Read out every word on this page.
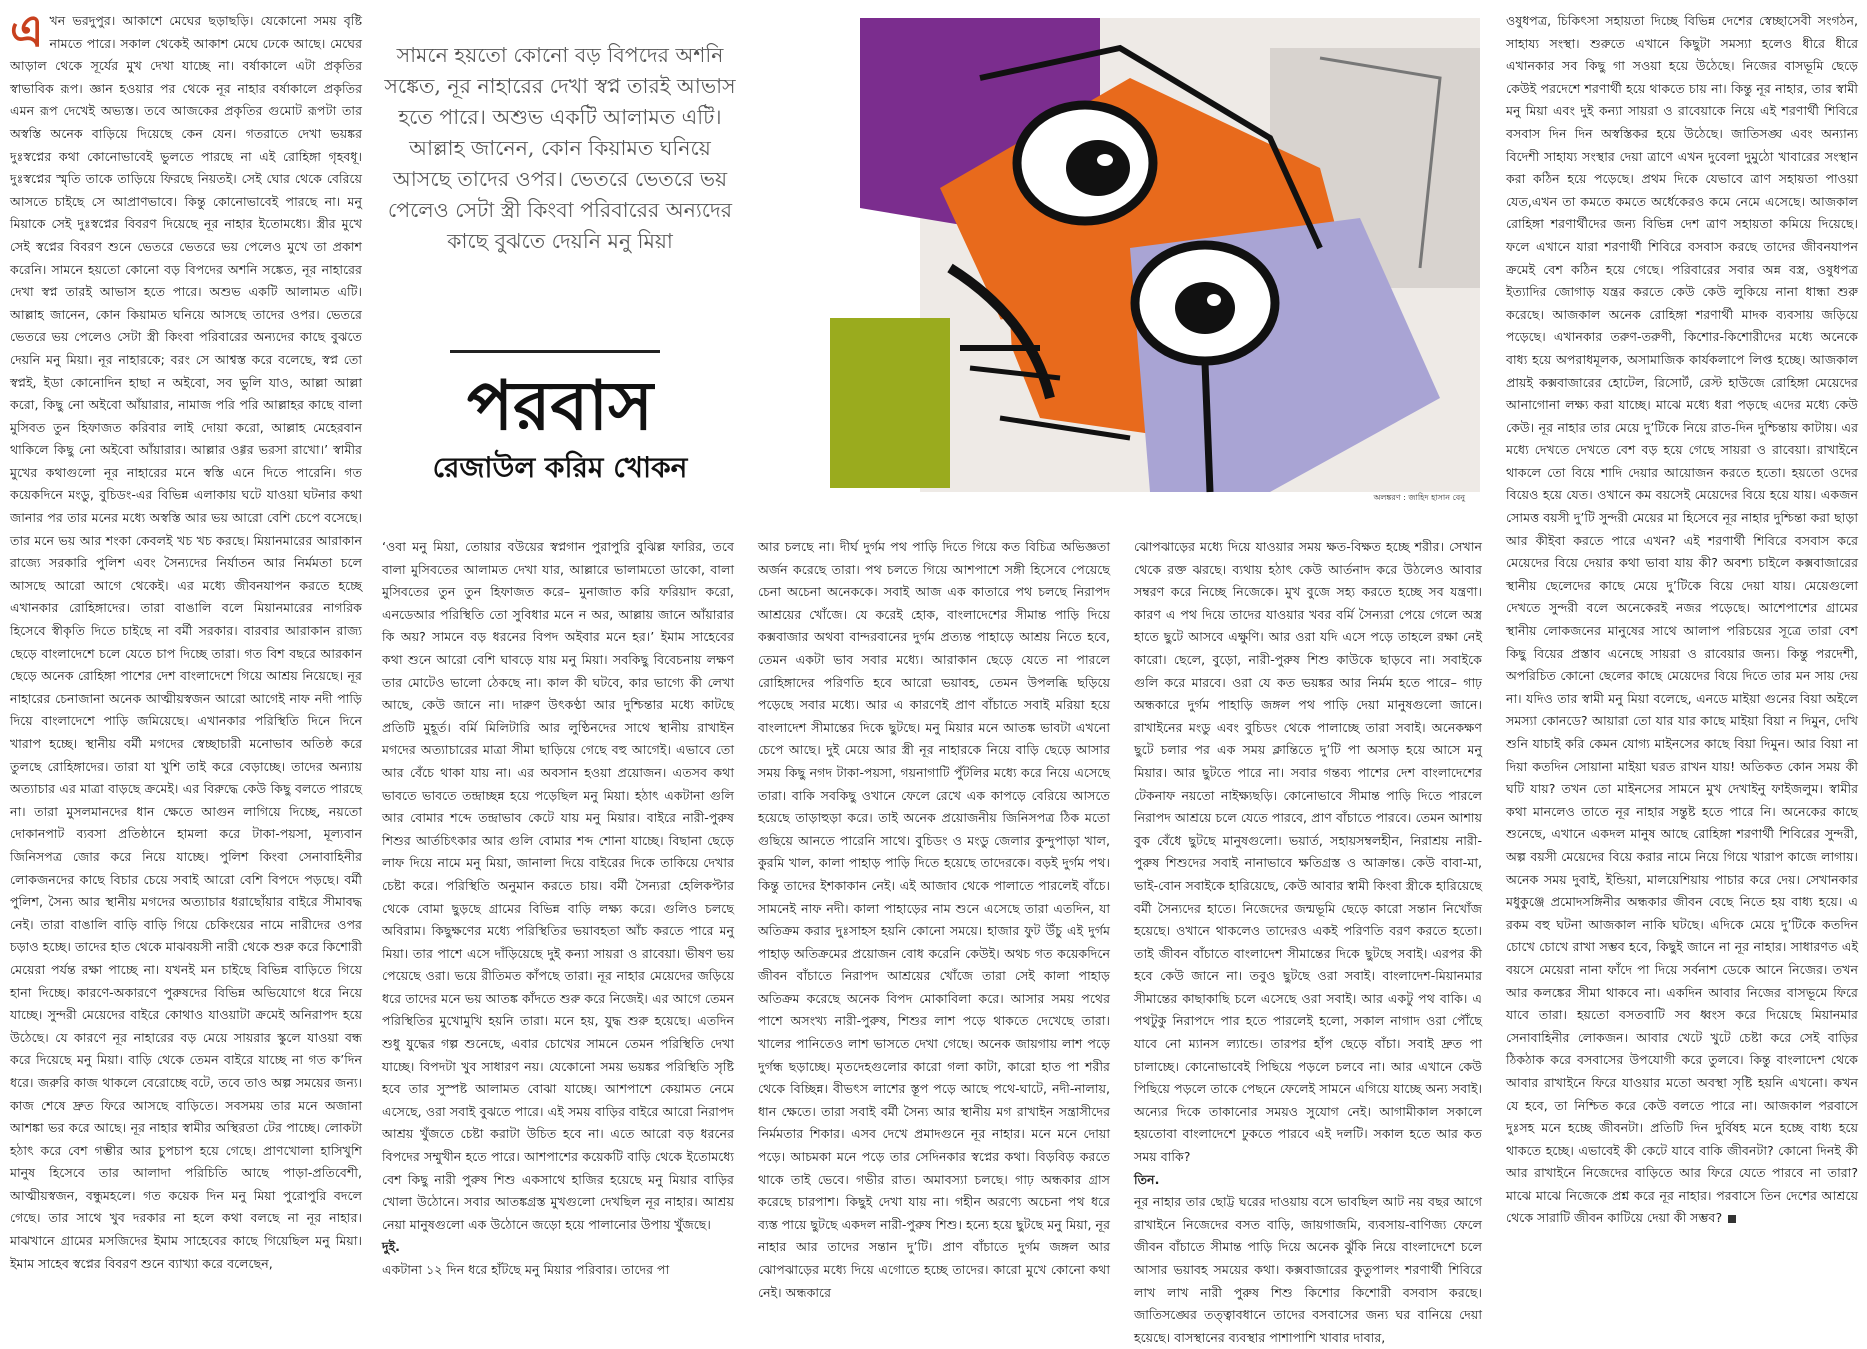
এখন ভরদুপুর। আকাশে মেঘের ছড়াছড়ি। যেকোনো সময় বৃষ্টি নামতে পারে। সকাল থেকেই আকাশ মেঘে ঢেকে আছে। মেঘের আড়াল থেকে সূর্যের মুখ দেখা যাচ্ছে না। বর্ষাকালে এটা প্রকৃতির স্বাভাবিক রূপ। জ্ঞান হওয়ার পর থেকে নূর নাহার বর্ষাকালে প্রকৃতির এমন রূপ দেখেই অভ্যস্ত। তবে আজকের প্রকৃতির গুমোট রূপটা তার অস্বস্তি অনেক বাড়িয়ে দিয়েছে কেন যেন। গতরাতে দেখা ভয়ঙ্কর দুঃস্বপ্নের কথা কোনোভাবেই ভুলতে পারছে না এই রোহিঙ্গা গৃহবধূ। দুঃস্বপ্নের স্মৃতি তাকে তাড়িয়ে ফিরছে নিয়তই। সেই ঘোর থেকে বেরিয়ে আসতে চাইছে সে আপ্রাণভাবে। কিন্তু কোনোভাবেই পারছে না। মনু মিয়াকে সেই দুঃস্বপ্নের বিবরণ দিয়েছে নূর নাহার ইতোমধ্যে। স্ত্রীর মুখে সেই স্বপ্নের বিবরণ শুনে ভেতরে ভেতরে ভয় পেলেও মুখে তা প্রকাশ করেনি। সামনে হয়তো কোনো বড় বিপদের অশনি সঙ্কেত, নূর নাহারের দেখা স্বপ্ন তারই আভাস হতে পারে। অশুভ একটি আলামত এটি। আল্লাহ জানেন, কোন কিয়ামত ঘনিয়ে আসছে তাদের ওপর। ভেতরে ভেতরে ভয় পেলেও সেটা স্ত্রী কিংবা পরিবারের অন্যদের কাছে বুঝতে দেয়নি মনু মিয়া। নূর নাহারকে; বরং সে আশ্বস্ত করে বলেছে, স্বপ্ন তো স্বপ্নই, ইডা কোনোদিন হাছা ন অইবো, সব ভুলি যাও, আল্লা আল্লা করো, কিছু নো অইবো আঁয়ারার, নামাজ পরি পরি আল্লাহর কাছে বালা মুসিবত তুন হিফাজত করিবার লাই দোয়া করো, আল্লাহ মেহেরবান থাকিলে কিছু নো অইবো আঁয়ারার। আল্লার ওগ্গর ভরসা রাখো।’ স্বামীর মুখের কথাগুলো নূর নাহারের মনে স্বস্তি এনে দিতে পারেনি। গত কয়েকদিনে মংডু, বুচিডং-এর বিভিন্ন এলাকায় ঘটে যাওয়া ঘটনার কথা জানার পর তার মনের মধ্যে অস্বস্তি আর ভয় আরো বেশি চেপে বসেছে। তার মনে ভয় আর শংকা কেবলই খচ খচ করছে। মিয়ানমারের আরাকান রাজ্যে সরকারি পুলিশ এবং সৈন্যদের নির্যাতন আর নির্মমতা চলে আসছে আরো আগে থেকেই। এর মধ্যে জীবনযাপন করতে হচ্ছে এখানকার রোহিঙ্গাদের। তারা বাঙালি বলে মিয়ানমারের নাগরিক হিসেবে স্বীকৃতি দিতে চাইছে না বর্মী সরকার। বারবার আরাকান রাজ্য ছেড়ে বাংলাদেশে চলে যেতে চাপ দিচ্ছে তারা। গত বিশ বছরে আরকান ছেড়ে অনেক রোহিঙ্গা পাশের দেশ বাংলাদেশে গিয়ে আশ্রয় নিয়েছে। নূর নাহারের চেনাজানা অনেক আত্মীয়স্বজন আরো আগেই নাফ নদী পাড়ি দিয়ে বাংলাদেশে পাড়ি জমিয়েছে। এখানকার পরিস্থিতি দিনে দিনে খারাপ হচ্ছে। স্থানীয় বর্মী মগদের স্বেচ্ছাচারী মনোভাব অতিষ্ঠ করে তুলছে রোহিঙ্গাদের। তারা যা খুশি তাই করে বেড়াচ্ছে। তাদের অন্যায় অত্যাচার এর মাত্রা বাড়ছে ক্রমেই। এর বিরুদ্ধে কেউ কিছু বলতে পারছে না। তারা মুসলমানদের ধান ক্ষেতে আগুন লাগিয়ে দিচ্ছে, নয়তো দোকানপাট ব্যবসা প্রতিষ্ঠানে হামলা করে টাকা-পয়সা, মূল্যবান জিনিসপত্র জোর করে নিয়ে যাচ্ছে। পুলিশ কিংবা সেনাবাহিনীর লোকজনদের কাছে বিচার চেয়ে সবাই আরো বেশি বিপদে পড়ছে। বর্মী পুলিশ, সৈন্য আর স্থানীয় মগদের অত্যাচার ধরাছোঁয়ার বাইরে সীমাবদ্ধ নেই। তারা বাঙালি বাড়ি বাড়ি গিয়ে চেকিংয়ের নামে নারীদের ওপর চড়াও হচ্ছে। তাদের হাত থেকে মাঝবয়সী নারী থেকে শুরু করে কিশোরী মেয়েরা পর্যন্ত রক্ষা পাচ্ছে না। যখনই মন চাইছে বিভিন্ন বাড়িতে গিয়ে হানা দিচ্ছে। কারণে-অকারণে পুরুষদের বিভিন্ন অভিযোগে ধরে নিয়ে যাচ্ছে। সুন্দরী মেয়েদের বাইরে কোথাও যাওয়াটা ক্রমেই অনিরাপদ হয়ে উঠেছে। যে কারণে নূর নাহারের বড় মেয়ে সায়রার স্কুলে যাওয়া বন্ধ করে দিয়েছে মনু মিয়া। বাড়ি থেকে তেমন বাইরে যাচ্ছে না গত ক’দিন ধরে। জরুরি কাজ থাকলে বেরোচ্ছে বটে, তবে তাও অল্প সময়ের জন্য। কাজ শেষে দ্রুত ফিরে আসছে বাড়িতে। সবসময় তার মনে অজানা আশঙ্কা ভর করে আছে। নূর নাহার স্বামীর অস্থিরতা টের পাচ্ছে। লোকটা হঠাৎ করে বেশ গম্ভীর আর চুপচাপ হয়ে গেছে। প্রাণখোলা হাসিখুশি মানুষ হিসেবে তার আলাদা পরিচিতি আছে পাড়া-প্রতিবেশী, আত্মীয়স্বজন, বন্ধুমহলে। গত কয়েক দিন মনু মিয়া পুরোপুরি বদলে গেছে। তার সাথে খুব দরকার না হলে কথা বলছে না নূর নাহার। মাঝখানে গ্রামের মসজিদের ইমাম সাহেবের কাছে গিয়েছিল মনু মিয়া। ইমাম সাহেব স্বপ্নের বিবরণ শুনে ব্যাখ্যা করে বলেছেন,

সামনে হয়তো কোনো বড় বিপদের অশনি সঙ্কেত, নূর নাহারের দেখা স্বপ্ন তারই আভাস হতে পারে। অশুভ একটি আলামত এটি। আল্লাহ জানেন, কোন কিয়ামত ঘনিয়ে আসছে তাদের ওপর। ভেতরে ভেতরে ভয় পেলেও সেটা স্ত্রী কিংবা পরিবারের অন্যদের কাছে বুঝতে দেয়নি মনু মিয়া
পরবাস
রেজাউল করিম খোকন
অলঙ্করণ : জাহিদ হাসান বেনু

‘ওবা মনু মিয়া, তোয়ার বউয়ের স্বপ্নগান পুরাপুরি বুঝিল্ল ফারির, তবে বালা মুসিবতের আলামত দেখা যার, আল্লারে ভালামতো ডাকো, বালা মুসিবতের তুন তুন হিফাজত করে– মুনাজাত করি ফরিয়াদ করো, এনডেআর পরিস্থিতি তো সুবিধার মনে ন অর, আল্লায় জানে আঁয়ারার কি অয়? সামনে বড় ধরনের বিপদ অইবার মনে হর।’ ইমাম সাহেবের কথা শুনে আরো বেশি ঘাবড়ে যায় মনু মিয়া। সবকিছু বিবেচনায় লক্ষণ তার মোটেও ভালো ঠেকছে না। কাল কী ঘটবে, কার ভাগ্যে কী লেখা আছে, কেউ জানে না। দারুণ উৎকণ্ঠা আর দুশ্চিন্তার মধ্যে কাটছে প্রতিটি মুহূর্ত। বর্মি মিলিটারি আর লুণ্ঠিনদের সাথে স্থানীয় রাখাইন মগদের অত্যাচারের মাত্রা সীমা ছাড়িয়ে গেছে বহু আগেই। এভাবে তো আর বেঁচে থাকা যায় না। এর অবসান হওয়া প্রয়োজন। এতসব কথা ভাবতে ভাবতে তন্দ্রাচ্ছন্ন হয়ে পড়েছিল মনু মিয়া। হঠাৎ একটানা গুলি আর বোমার শব্দে তন্দ্রাভাব কেটে যায় মনু মিয়ার। বাইরে নারী-পুরুষ শিশুর আর্তচিৎকার আর গুলি বোমার শব্দ শোনা যাচ্ছে। বিছানা ছেড়ে লাফ দিয়ে নামে মনু মিয়া, জানালা দিয়ে বাইরের দিকে তাকিয়ে দেখার চেষ্টা করে। পরিস্থিতি অনুমান করতে চায়। বর্মী সৈন্যরা হেলিকপ্টার থেকে বোমা ছুড়ছে গ্রামের বিভিন্ন বাড়ি লক্ষ্য করে। গুলিও চলছে অবিরাম। কিছুক্ষণের মধ্যে পরিস্থিতির ভয়াবহতা আঁচ করতে পারে মনু মিয়া। তার পাশে এসে দাঁড়িয়েছে দুই কন্যা সায়রা ও রাবেয়া। ভীষণ ভয় পেয়েছে ওরা। ভয়ে রীতিমত কাঁপছে তারা। নূর নাহার মেয়েদের জড়িয়ে ধরে তাদের মনে ভয় আতঙ্ক কাঁদতে শুরু করে নিজেই। এর আগে তেমন পরিস্থিতির মুখোমুখি হয়নি তারা। মনে হয়, যুদ্ধ শুরু হয়েছে। এতদিন শুধু যুদ্ধের গল্প শুনেছে, এবার চোখের সামনে তেমন পরিস্থিতি দেখা যাচ্ছে। বিপদটা খুব সাধারণ নয়। যেকোনো সময় ভয়ঙ্কর পরিস্থিতি সৃষ্টি হবে তার সুস্পষ্ট আলামত বোঝা যাচ্ছে। আশপাশে কেয়ামত নেমে এসেছে, ওরা সবাই বুঝতে পারে। এই সময় বাড়ির বাইরে আরো নিরাপদ আশ্রয় খুঁজতে চেষ্টা করাটা উচিত হবে না। এতে আরো বড় ধরনের বিপদের সম্মুখীন হতে পারে। আশপাশের কয়েকটি বাড়ি থেকে ইতোমধ্যে বেশ কিছু নারী পুরুষ শিশু একসাথে হাজির হয়েছে মনু মিয়ার বাড়ির খোলা উঠোনে। সবার আতঙ্কগ্রস্ত মুখগুলো দেখছিল নূর নাহার। আশ্রয় নেয়া মানুষগুলো এক উঠোনে জড়ো হয়ে পালানোর উপায় খুঁজছে।

দুই.

একটানা ১২ দিন ধরে হাঁটছে মনু মিয়ার পরিবার। তাদের পা

আর চলছে না। দীর্ঘ দুর্গম পথ পাড়ি দিতে গিয়ে কত বিচিত্র অভিজ্ঞতা অর্জন করেছে তারা। পথ চলতে গিয়ে আশপাশে সঙ্গী হিসেবে পেয়েছে চেনা অচেনা অনেককে। সবাই আজ এক কাতারে পথ চলছে নিরাপদ আশ্রয়ের খোঁজে। যে করেই হোক, বাংলাদেশের সীমান্ত পাড়ি দিয়ে কক্সবাজার অথবা বান্দরবানের দুর্গম প্রত্যন্ত পাহাড়ে আশ্রয় নিতে হবে, তেমন একটা ভাব সবার মধ্যে। আরাকান ছেড়ে যেতে না পারলে রোহিঙ্গাদের পরিণতি হবে আরো ভয়াবহ, তেমন উপলব্ধি ছড়িয়ে পড়েছে সবার মধ্যে। আর এ কারণেই প্রাণ বাঁচাতে সবাই মরিয়া হয়ে বাংলাদেশ সীমান্তের দিকে ছুটছে। মনু মিয়ার মনে আতঙ্ক ভাবটা এখনো চেপে আছে। দুই মেয়ে আর স্ত্রী নূর নাহারকে নিয়ে বাড়ি ছেড়ে আসার সময় কিছু নগদ টাকা-পয়সা, গয়নাগাটি পুঁটলির মধ্যে করে নিয়ে এসেছে তারা। বাকি সবকিছু ওখানে ফেলে রেখে এক কাপড়ে বেরিয়ে আসতে হয়েছে তাড়াহুড়া করে। তাই অনেক প্রয়োজনীয় জিনিসপত্র ঠিক মতো গুছিয়ে আনতে পারেনি সাথে। বুচিডং ও মংডু জেলার কুন্দুপাড়া খাল, কুরমি খাল, কালা পাহাড় পাড়ি দিতে হয়েছে তাদেরকে। বড়ই দুর্গম পথ। কিন্তু তাদের ইশকাকান নেই। এই আজাব থেকে পালাতে পারলেই বাঁচে। সামনেই নাফ নদী। কালা পাহাড়ের নাম শুনে এসেছে তারা এতদিন, যা অতিক্রম করার দুঃসাহস হয়নি কোনো সময়ে। হাজার ফুট উঁচু এই দুর্গম পাহাড় অতিক্রমের প্রয়োজন বোধ করেনি কেউই। অথচ গত কয়েকদিনে জীবন বাঁচাতে নিরাপদ আশ্রয়ের খোঁজে তারা সেই কালা পাহাড় অতিক্রম করেছে অনেক বিপদ মোকাবিলা করে। আসার সময় পথের পাশে অসংখ্য নারী-পুরুষ, শিশুর লাশ পড়ে থাকতে দেখেছে তারা। খালের পানিতেও লাশ ভাসতে দেখা গেছে। অনেক জায়গায় লাশ পড়ে দুর্গন্ধ ছড়াচ্ছে। মৃতদেহগুলোর কারো গলা কাটা, কারো হাত পা শরীর থেকে বিচ্ছিন্ন। বীভৎস লাশের স্তূপ পড়ে আছে পথে-ঘাটে, নদী-নালায়, ধান ক্ষেতে। তারা সবাই বর্মী সৈন্য আর স্থানীয় মগ রাখাইন সন্ত্রাসীদের নির্মমতার শিকার। এসব দেখে প্রমাদগুনে নূর নাহার। মনে মনে দোয়া পড়ে। আচমকা মনে পড়ে তার সেদিনকার স্বপ্নের কথা। বিড়বিড় করতে থাকে তাই ভেবে। গভীর রাত। অমাবস্যা চলছে। গাঢ় অন্ধকার গ্রাস করেছে চারপাশ। কিছুই দেখা যায় না। গহীন অরণ্যে অচেনা পথ ধরে ব্যস্ত পায়ে ছুটছে একদল নারী-পুরুষ শিশু। হন্যে হয়ে ছুটছে মনু মিয়া, নূর নাহার আর তাদের সন্তান দু’টি। প্রাণ বাঁচাতে দুর্গম জঙ্গল আর ঝোপঝাড়ের মধ্যে দিয়ে এগোতে হচ্ছে তাদের। কারো মুখে কোনো কথা নেই। অন্ধকারে

ঝোপঝাড়ের মধ্যে দিয়ে যাওয়ার সময় ক্ষত-বিক্ষত হচ্ছে শরীর। সেখান থেকে রক্ত ঝরছে। ব্যথায় হঠাৎ কেউ আর্তনাদ করে উঠলেও আবার সম্বরণ করে নিচ্ছে নিজেকে। মুখ বুজে সহ্য করতে হচ্ছে সব যন্ত্রণা। কারণ এ পথ দিয়ে তাদের যাওয়ার খবর বর্মি সৈন্যরা পেয়ে গেলে অস্ত্র হাতে ছুটে আসবে এক্ষুণি। আর ওরা যদি এসে পড়ে তাহলে রক্ষা নেই কারো। ছেলে, বুড়ো, নারী-পুরুষ শিশু কাউকে ছাড়বে না। সবাইকে গুলি করে মারবে। ওরা যে কত ভয়ঙ্কর আর নির্মম হতে পারে– গাঢ় অন্ধকারে দুর্গম পাহাড়ি জঙ্গল পথ পাড়ি দেয়া মানুষগুলো জানে। রাখাইনের মংডু এবং বুচিডং থেকে পালাচ্ছে তারা সবাই। অনেকক্ষণ ছুটে চলার পর এক সময় ক্লান্তিতে দু’টি পা অসাড় হয়ে আসে মনু মিয়ার। আর ছুটতে পারে না। সবার গন্তব্য পাশের দেশ বাংলাদেশের টেকনাফ নয়তো নাইক্ষ্যছড়ি। কোনোভাবে সীমান্ত পাড়ি দিতে পারলে নিরাপদ আশ্রয়ে চলে যেতে পারবে, প্রাণ বাঁচাতে পারবে। তেমন আশায় বুক বেঁধে ছুটছে মানুষগুলো। ভয়ার্ত, সহায়সম্বলহীন, নিরাশ্রয় নারী-পুরুষ শিশুদের সবাই নানাভাবে ক্ষতিগ্রস্ত ও আক্রান্ত। কেউ বাবা-মা, ভাই-বোন সবাইকে হারিয়েছে, কেউ আবার স্বামী কিংবা স্ত্রীকে হারিয়েছে বর্মী সৈন্যদের হাতে। নিজেদের জন্মভূমি ছেড়ে কারো সন্তান নিখোঁজ হয়েছে। ওখানে থাকলেও তাদেরও একই পরিণতি বরণ করতে হতো। তাই জীবন বাঁচাতে বাংলাদেশ সীমান্তের দিকে ছুটছে সবাই। এরপর কী হবে কেউ জানে না। তবুও ছুটছে ওরা সবাই। বাংলাদেশ-মিয়ানমার সীমান্তের কাছাকাছি চলে এসেছে ওরা সবাই। আর একটু পথ বাকি। এ পথটুকু নিরাপদে পার হতে পারলেই হলো, সকাল নাগাদ ওরা পৌঁছে যাবে নো ম্যানস ল্যান্ডে। তারপর হাঁপ ছেড়ে বাঁচা। সবাই দ্রুত পা চালাচ্ছে। কোনোভাবেই পিছিয়ে পড়লে চলবে না। আর এখানে কেউ পিছিয়ে পড়লে তাকে পেছনে ফেলেই সামনে এগিয়ে যাচ্ছে অন্য সবাই। অন্যের দিকে তাকানোর সময়ও সুযোগ নেই। আগামীকাল সকালে হয়তোবা বাংলাদেশে ঢুকতে পারবে এই দলটি। সকাল হতে আর কত সময় বাকি?

তিন.

নূর নাহার তার ছোট্ট ঘরের দাওয়ায় বসে ভাবছিল আট নয় বছর আগে রাখাইনে নিজেদের বসত বাড়ি, জায়গাজমি, ব্যবসায়-বাণিজ্য ফেলে জীবন বাঁচাতে সীমান্ত পাড়ি দিয়ে অনেক ঝুঁকি নিয়ে বাংলাদেশে চলে আসার ভয়াবহ সময়ের কথা। কক্সবাজারের কুতুপালং শরণার্থী শিবিরে লাখ লাখ নারী পুরুষ শিশু কিশোর কিশোরী বসবাস করছে। জাতিসঙ্ঘের তত্ত্বাবধানে তাদের বসবাসের জন্য ঘর বানিয়ে দেয়া হয়েছে। বাসস্থানের ব্যবস্থার পাশাপাশি খাবার দাবার,

ওষুধপত্র, চিকিৎসা সহায়তা দিচ্ছে বিভিন্ন দেশের স্বেচ্ছাসেবী সংগঠন, সাহায্য সংস্থা। শুরুতে এখানে কিছুটা সমস্যা হলেও ধীরে ধীরে এখানকার সব কিছু গা সওয়া হয়ে উঠেছে। নিজের বাসভূমি ছেড়ে কেউই পরদেশে শরণার্থী হয়ে থাকতে চায় না। কিন্তু নূর নাহার, তার স্বামী মনু মিয়া এবং দুই কন্যা সায়রা ও রাবেয়াকে নিয়ে এই শরণার্থী শিবিরে বসবাস দিন দিন অস্বস্তিকর হয়ে উঠেছে। জাতিসঙ্ঘ এবং অন্যান্য বিদেশী সাহায্য সংস্থার দেয়া ত্রাণে এখন দুবেলা দুমুঠো খাবারের সংস্থান করা কঠিন হয়ে পড়েছে। প্রথম দিকে যেভাবে ত্রাণ সহায়তা পাওয়া যেত,এখন তা কমতে কমতে অর্ধেকেরও কমে নেমে এসেছে। আজকাল রোহিঙ্গা শরণার্থীদের জন্য বিভিন্ন দেশ ত্রাণ সহায়তা কমিয়ে দিয়েছে। ফলে এখানে যারা শরণার্থী শিবিরে বসবাস করছে তাদের জীবনযাপন ক্রমেই বেশ কঠিন হয়ে গেছে। পরিবারের সবার অন্ন বস্ত্র, ওষুধপত্র ইত্যাদির জোগাড় যন্ত্রর করতে কেউ কেউ লুকিয়ে নানা ধান্ধা শুরু করেছে। আজকাল অনেক রোহিঙ্গা শরণার্থী মাদক ব্যবসায় জড়িয়ে পড়েছে। এখানকার তরুণ-তরুণী, কিশোর-কিশোরীদের মধ্যে অনেকে বাধ্য হয়ে অপরাধমূলক, অসামাজিক কার্যকলাপে লিপ্ত হচ্ছে। আজকাল প্রায়ই কক্সবাজারের হোটেল, রিসোর্ট, রেস্ট হাউজে রোহিঙ্গা মেয়েদের আনাগোনা লক্ষ্য করা যাচ্ছে। মাঝে মধ্যে ধরা পড়ছে এদের মধ্যে কেউ কেউ। নূর নাহার তার মেয়ে দু’টিকে নিয়ে রাত-দিন দুশ্চিন্তায় কাটায়। এর মধ্যে দেখতে দেখতে বেশ বড় হয়ে গেছে সায়রা ও রাবেয়া। রাখাইনে থাকলে তো বিয়ে শাদি দেয়ার আয়োজন করতে হতো। হয়তো ওদের বিয়েও হয়ে যেত। ওখানে কম বয়সেই মেয়েদের বিয়ে হয়ে যায়। একজন সোমত্ত বয়সী দু’টি সুন্দরী মেয়ের মা হিসেবে নূর নাহার দুশ্চিন্তা করা ছাড়া আর কীইবা করতে পারে এখন? এই শরণার্থী শিবিরে বসবাস করে মেয়েদের বিয়ে দেয়ার কথা ভাবা যায় কী? অবশ্য চাইলে কক্সবাজারের স্থানীয় ছেলেদের কাছে মেয়ে দু’টিকে বিয়ে দেয়া যায়। মেয়েগুলো দেখতে সুন্দরী বলে অনেকেরই নজর পড়েছে। আশেপাশের গ্রামের স্থানীয় লোকজনের মানুষের সাথে আলাপ পরিচয়ের সূত্রে তারা বেশ কিছু বিয়ের প্রস্তাব এনেছে সায়রা ও রাবেয়ার জন্য। কিন্তু পরদেশী, অপরিচিত কোনো ছেলের কাছে মেয়েদের বিয়ে দিতে তার মন সায় দেয় না। যদিও তার স্বামী মনু মিয়া বলেছে, এনডে মাইয়া গুনের বিয়া অইলে সমস্যা কোনডে? আয়ারা তো যার যার কাছে মাইয়া বিয়া ন দিমুন, দেখি শুনি যাচাই করি কেমন যোগ্য মাইনসের কাছে বিয়া দিমুন। আর বিয়া না দিয়া কতদিন সোয়ানা মাইয়া ঘরত রাখন যায়! অতিকত কোন সময় কী ঘটি যায়? তখন তো মাইনসের সামনে মুখ দেখাইনু ফাইজলুম। স্বামীর কথা মানলেও তাতে নূর নাহার সন্তুষ্ট হতে পারে নি। অনেকের কাছে শুনেছে, এখানে একদল মানুষ আছে রোহিঙ্গা শরণার্থী শিবিরের সুন্দরী, অল্প বয়সী মেয়েদের বিয়ে করার নামে নিয়ে গিয়ে খারাপ কাজে লাগায়। অনেক সময় দুবাই, ইন্ডিয়া, মালয়েশিয়ায় পাচার করে দেয়। সেখানকার মধুকুঞ্জে প্রমোদসঙ্গিনীর অন্ধকার জীবন বেছে নিতে হয় বাধ্য হয়ে। এ রকম বহু ঘটনা আজকাল নাকি ঘটছে। এদিকে মেয়ে দু’টিকে কতদিন চোখে চোখে রাখা সম্ভব হবে, কিছুই জানে না নূর নাহার। সাধারণত এই বয়সে মেয়েরা নানা ফাঁদে পা দিয়ে সর্বনাশ ডেকে আনে নিজের। তখন আর কলঙ্কের সীমা থাকবে না। একদিন আবার নিজের বাসভূমে ফিরে যাবে তারা। হয়তো বসতবাটি সব ধ্বংস করে দিয়েছে মিয়ানমার সেনাবাহিনীর লোকজন। আবার খেটে খুটে চেষ্টা করে সেই বাড়ির ঠিকঠাক করে বসবাসের উপযোগী করে তুলবে। কিন্তু বাংলাদেশ থেকে আবার রাখাইনে ফিরে যাওয়ার মতো অবস্থা সৃষ্টি হয়নি এখনো। কখন যে হবে, তা নিশ্চিত করে কেউ বলতে পারে না। আজকাল পরবাসে দুঃসহ মনে হচ্ছে জীবনটা। প্রতিটি দিন দুর্বিষহ মনে হচ্ছে বাধ্য হয়ে থাকতে হচ্ছে। এভাবেই কী কেটে যাবে বাকি জীবনটা? কোনো দিনই কী আর রাখাইনে নিজেদের বাড়িতে আর ফিরে যেতে পারবে না তারা? মাঝে মাঝে নিজেকে প্রশ্ন করে নূর নাহার। পরবাসে তিন দেশের আশ্রয়ে থেকে সারাটি জীবন কাটিয়ে দেয়া কী সম্ভব?
